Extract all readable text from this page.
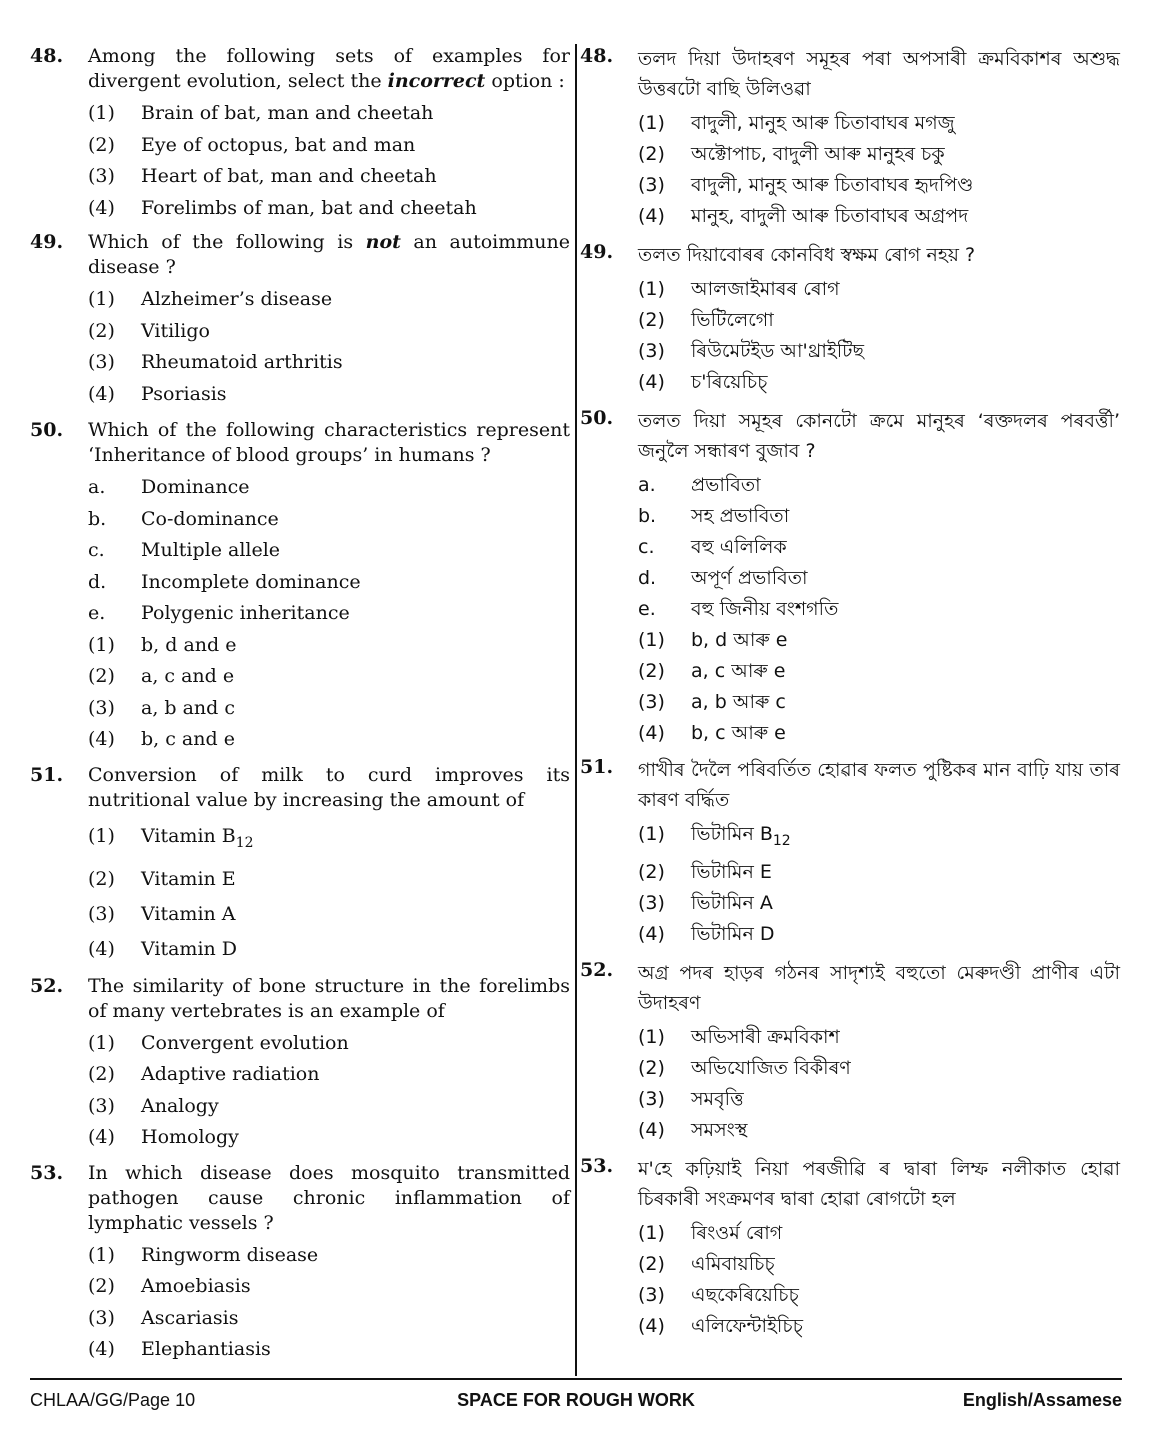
48.	Among the following sets of examples for divergent evolution, select the incorrect option :
(1)	Brain of bat, man and cheetah
(2)	Eye of octopus, bat and man
(3)	Heart of bat, man and cheetah
(4)	Forelimbs of man, bat and cheetah
49.	Which of the following is not an autoimmune disease ?
(1)	Alzheimer’s disease
(2)	Vitiligo
(3)	Rheumatoid arthritis
(4)	Psoriasis
50.	Which of the following characteristics represent ‘Inheritance of blood groups’ in humans ?
a.	Dominance
b.	Co-dominance
c.	Multiple allele
d.	Incomplete dominance
e.	Polygenic inheritance
(1)	b, d and e
(2)	a, c and e
(3)	a, b and c
(4)	b, c and e
51.	Conversion of milk to curd improves its nutritional value by increasing the amount of
(1)	Vitamin $B_{12}$
(2)	Vitamin E
(3)	Vitamin A
(4)	Vitamin D
52.	The similarity of bone structure in the forelimbs of many vertebrates is an example of
(1)	Convergent evolution
(2)	Adaptive radiation
(3)	Analogy
(4)	Homology
53.	In which disease does mosquito transmitted pathogen cause chronic inflammation of lymphatic vessels ?
(1)	Ringworm disease
(2)	Amoebiasis
(3)	Ascariasis
(4)	Elephantiasis
48.	তলদ দিয়া উদাহৰণ সমূহৰ পৰা অপসাৰী ক্ৰমবিকাশৰ অশুদ্ধ উত্তৰটো বাছি উলিওৱা
(1)	বাদুলী, মানুহ আৰু চিতাবাঘৰ মগজু
(2)	অক্টোপাচ, বাদুলী আৰু মানুহৰ চকু
(3)	বাদুলী, মানুহ আৰু চিতাবাঘৰ হৃদপিণ্ড
(4)	মানুহ, বাদুলী আৰু চিতাবাঘৰ অগ্ৰপদ
49.	তলত দিয়াবোৰৰ কোনবিধ স্বক্ষম ৰোগ নহয় ?
(1)	আলজাইমাৰৰ ৰোগ
(2)	ভিটিলেগো
(3)	ৰিউমেটইড আ'থ্ৰাইটিছ
(4)	চ'ৰিয়েচিচ্
50.	তলত দিয়া সমূহৰ কোনটো ক্ৰমে মানুহৰ ‘ৰক্তদলৰ পৰবৰ্ত্তী’ জনুলৈ সন্ধাৰণ বুজাব ?
a.	প্ৰভাবিতা
b.	সহ প্ৰভাবিতা
c.	বহু এলিলিক
d.	অপূৰ্ণ প্ৰভাবিতা
e.	বহু জিনীয় বংশগতি
(1)	b, d আৰু e
(2)	a, c আৰু e
(3)	a, b আৰু c
(4)	b, c আৰু e
51.	গাখীৰ দৈলৈ পৰিবৰ্তিত হোৱাৰ ফলত পুষ্টিকৰ মান বাঢ়ি যায় তাৰ কাৰণ বৰ্দ্ধিত
(1)	ভিটামিন $B_{12}$
(2)	ভিটামিন E
(3)	ভিটামিন A
(4)	ভিটামিন D
52.	অগ্ৰ পদৰ হাড়ৰ গঠনৰ সাদৃশ্যই বহুতো মেৰুদণ্ডী প্ৰাণীৰ এটা উদাহৰণ
(1)	অভিসাৰী ক্ৰমবিকাশ
(2)	অভিযোজিত বিকীৰণ
(3)	সমবৃত্তি
(4)	সমসংস্থ
53.	ম'হে কঢ়িয়াই নিয়া পৰজীৱি ৰ দ্বাৰা লিম্ফ নলীকাত হোৱা চিৰকাৰী সংক্ৰমণৰ দ্বাৰা হোৱা ৰোগটো হল
(1)	ৰিংওৰ্ম ৰোগ
(2)	এমিবায়চিচ্
(3)	এছকেৰিয়েচিচ্
(4)	এলিফেন্টাইচিচ্
CHLAA/GG/Page 10	SPACE FOR ROUGH WORK	English/Assamese
